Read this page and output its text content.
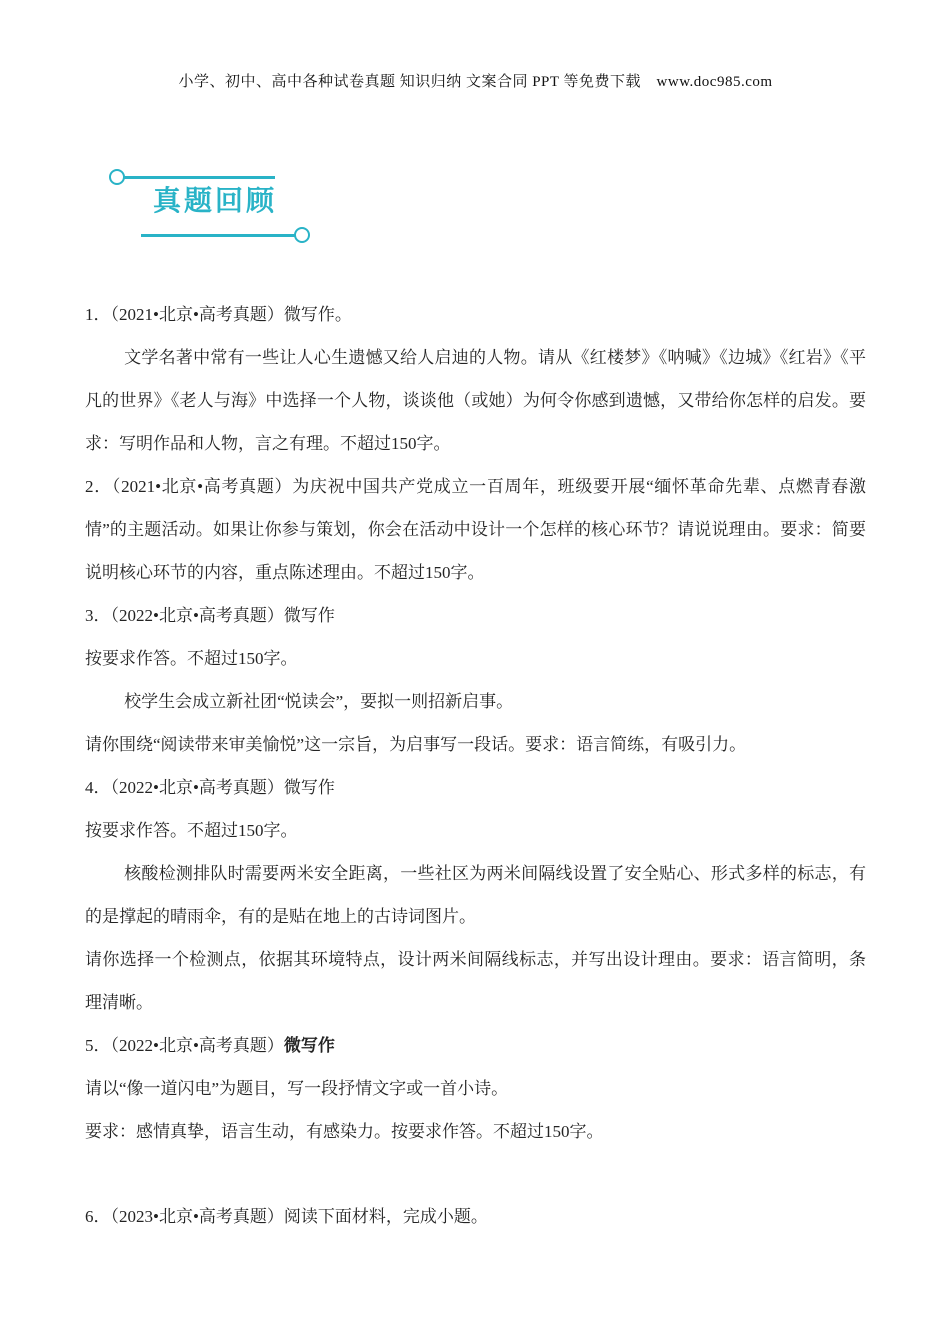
小学、初中、高中各种试卷真题 知识归纳 文案合同 PPT 等免费下载　www.doc985.com
真题回顾

1．（2021•北京•高考真题）微写作。

文学名著中常有一些让人心生遗憾又给人启迪的人物。请从《红楼梦》《呐喊》《边城》《红岩》《平凡的世界》《老人与海》中选择一个人物，谈谈他（或她）为何令你感到遗憾，又带给你怎样的启发。要求：写明作品和人物，言之有理。不超过150字。

2．（2021•北京•高考真题）为庆祝中国共产党成立一百周年，班级要开展“缅怀革命先辈、点燃青春激情”的主题活动。如果让你参与策划，你会在活动中设计一个怎样的核心环节？请说说理由。要求：简要说明核心环节的内容，重点陈述理由。不超过150字。

3．（2022•北京•高考真题）微写作

按要求作答。不超过150字。

校学生会成立新社团“悦读会”，要拟一则招新启事。

请你围绕“阅读带来审美愉悦”这一宗旨，为启事写一段话。要求：语言简练，有吸引力。

4．（2022•北京•高考真题）微写作

按要求作答。不超过150字。

核酸检测排队时需要两米安全距离，一些社区为两米间隔线设置了安全贴心、形式多样的标志，有的是撑起的晴雨伞，有的是贴在地上的古诗词图片。

请你选择一个检测点，依据其环境特点，设计两米间隔线标志，并写出设计理由。要求：语言简明，条理清晰。

5．（2022•北京•高考真题）微写作

请以“像一道闪电”为题目，写一段抒情文字或一首小诗。

要求：感情真挚，语言生动，有感染力。按要求作答。不超过150字。

6．（2023•北京•高考真题）阅读下面材料，完成小题。
